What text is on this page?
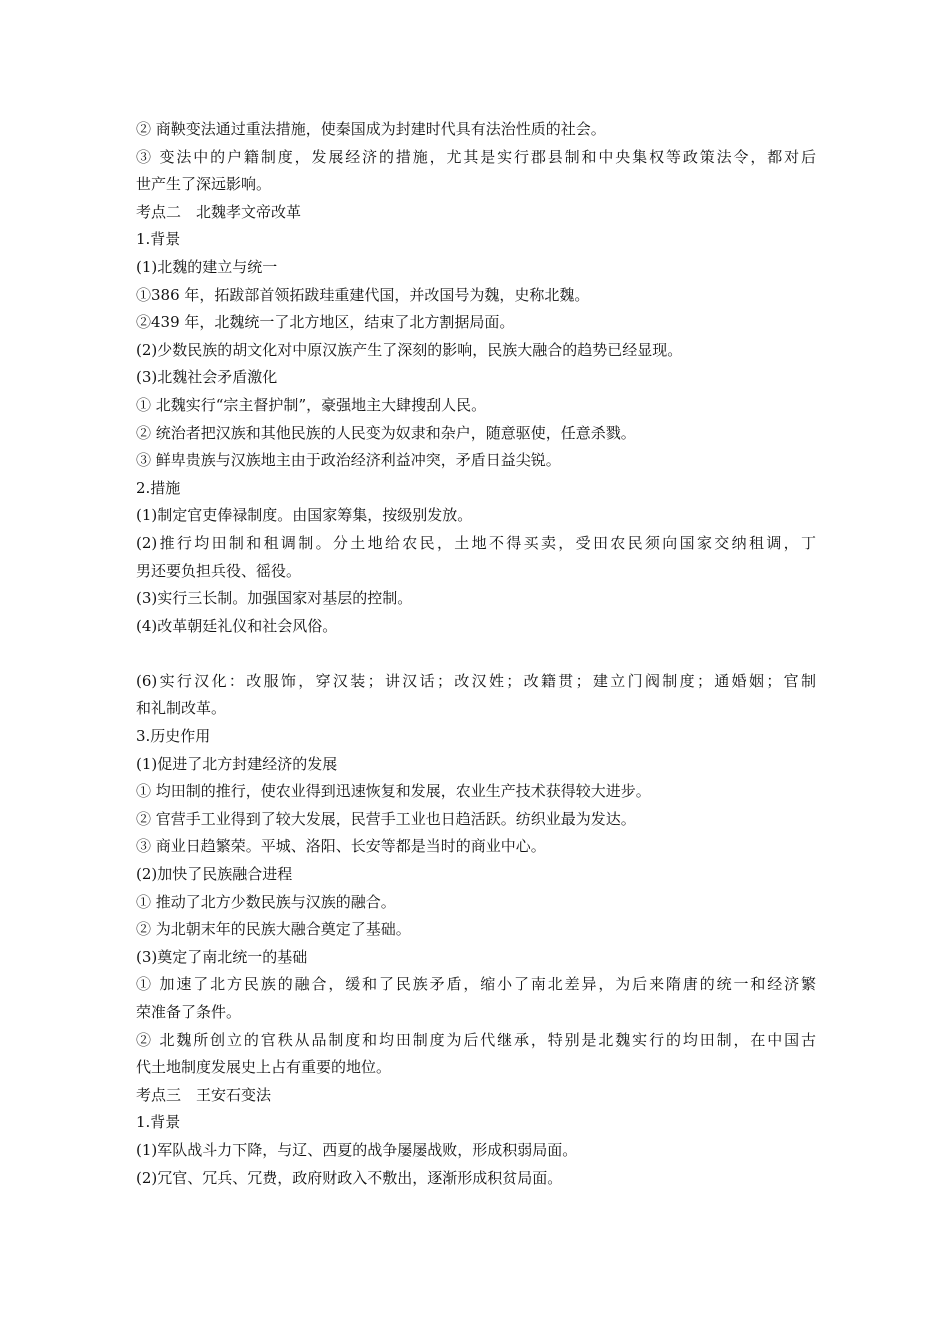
② 商鞅变法通过重法措施，使秦国成为封建时代具有法治性质的社会。
③ 变法中的户籍制度，发展经济的措施，尤其是实行郡县制和中央集权等政策法令，都对后
世产生了深远影响。
考点二　北魏孝文帝改革
1.背景
(1)北魏的建立与统一
①386 年，拓跋部首领拓跋珪重建代国，并改国号为魏，史称北魏。
②439 年，北魏统一了北方地区，结束了北方割据局面。
(2)少数民族的胡文化对中原汉族产生了深刻的影响，民族大融合的趋势已经显现。
(3)北魏社会矛盾激化
① 北魏实行“宗主督护制”，豪强地主大肆搜刮人民。
② 统治者把汉族和其他民族的人民变为奴隶和杂户，随意驱使，任意杀戮。
③ 鲜卑贵族与汉族地主由于政治经济利益冲突，矛盾日益尖锐。
2.措施
(1)制定官吏俸禄制度。由国家筹集，按级别发放。
(2)推行均田制和租调制。分土地给农民，土地不得买卖，受田农民须向国家交纳租调，丁
男还要负担兵役、徭役。
(3)实行三长制。加强国家对基层的控制。
(4)改革朝廷礼仪和社会风俗。
(6)实行汉化：改服饰，穿汉装；讲汉话；改汉姓；改籍贯；建立门阀制度；通婚姻；官制
和礼制改革。
3.历史作用
(1)促进了北方封建经济的发展
① 均田制的推行，使农业得到迅速恢复和发展，农业生产技术获得较大进步。
② 官营手工业得到了较大发展，民营手工业也日趋活跃。纺织业最为发达。
③ 商业日趋繁荣。平城、洛阳、长安等都是当时的商业中心。
(2)加快了民族融合进程
① 推动了北方少数民族与汉族的融合。
② 为北朝末年的民族大融合奠定了基础。
(3)奠定了南北统一的基础
① 加速了北方民族的融合，缓和了民族矛盾，缩小了南北差异，为后来隋唐的统一和经济繁
荣准备了条件。
② 北魏所创立的官秩从品制度和均田制度为后代继承，特别是北魏实行的均田制，在中国古
代土地制度发展史上占有重要的地位。
考点三　王安石变法
1.背景
(1)军队战斗力下降，与辽、西夏的战争屡屡战败，形成积弱局面。
(2)冗官、冗兵、冗费，政府财政入不敷出，逐渐形成积贫局面。
